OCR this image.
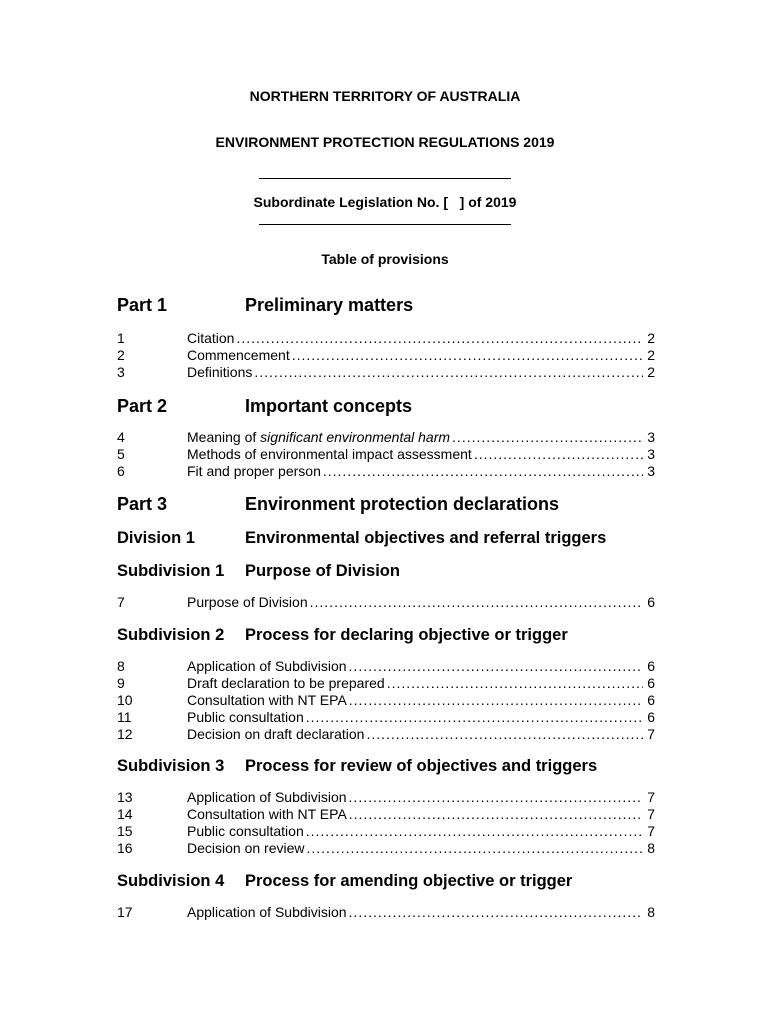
NORTHERN TERRITORY OF AUSTRALIA
ENVIRONMENT PROTECTION REGULATIONS 2019
Subordinate Legislation No. [   ] of 2019
Table of provisions
Part 1	Preliminary matters
1	Citation .....	2
2	Commencement .....	2
3	Definitions .....	2
Part 2	Important concepts
4	Meaning of significant environmental harm .....	3
5	Methods of environmental impact assessment .....	3
6	Fit and proper person .....	3
Part 3	Environment protection declarations
Division 1	Environmental objectives and referral triggers
Subdivision 1 Purpose of Division
7	Purpose of Division .....	6
Subdivision 2 Process for declaring objective or trigger
8	Application of Subdivision .....	6
9	Draft declaration to be prepared .....	6
10	Consultation with NT EPA .....	6
11	Public consultation .....	6
12	Decision on draft declaration .....	7
Subdivision 3 Process for review of objectives and triggers
13	Application of Subdivision .....	7
14	Consultation with NT EPA .....	7
15	Public consultation .....	7
16	Decision on review .....	8
Subdivision 4 Process for amending objective or trigger
17	Application of Subdivision .....	8
